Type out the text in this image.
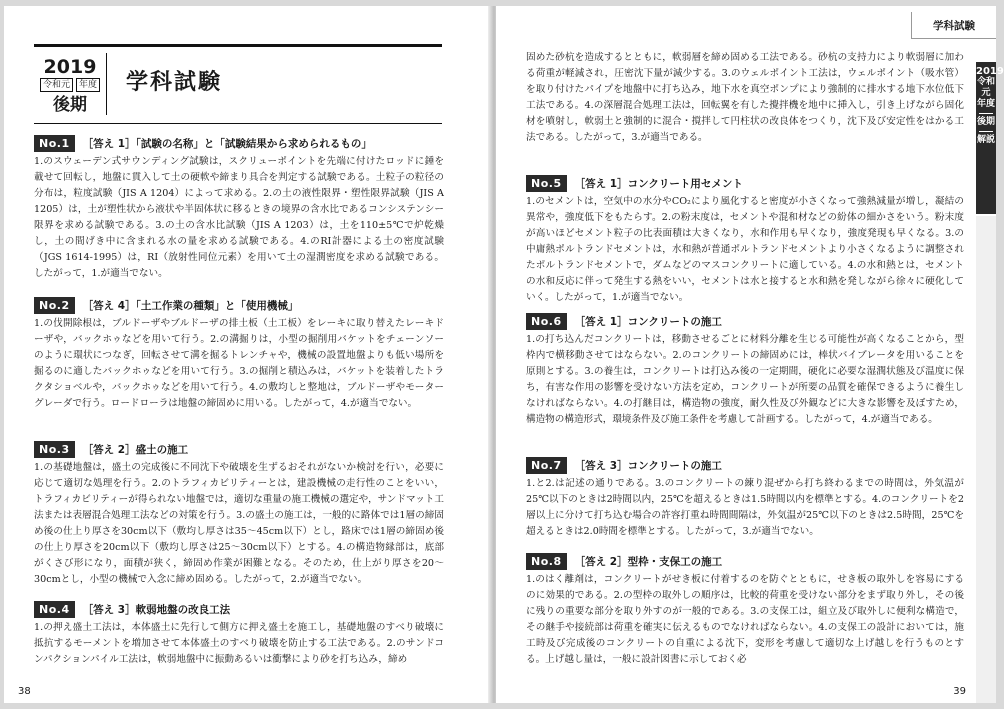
2019
令和元 年度
後期
学科試験
No.1	［答え 1］「試験の名称」と「試験結果から求められるもの」

1.のスウェーデン式サウンディング試験は，スクリューポイントを先端に付けたロッドに錘を載せて回転し，地盤に貫入して土の硬軟や締まり具合を判定する試験である。土粒子の粒径の分布は，粒度試験（JIS A 1204）によって求める。2.の土の液性限界・塑性限界試験（JIS A 1205）は，土が塑性状から液状や半固体状に移るときの境界の含水比であるコンシステンシー限界を求める試験である。3.の土の含水比試験（JIS A 1203）は，土を110±5℃で炉乾燥し，土の間げき中に含まれる水の量を求める試験である。4.のRI計器による土の密度試験（JGS 1614-1995）は，RI（放射性同位元素）を用いて土の湿潤密度を求める試験である。したがって，1.が適当でない。

No.2	［答え 4］「土工作業の種類」と「使用機械」

1.の伐開除根は，ブルドーザやブルドーザの排土板（土工板）をレーキに取り替えたレーキドーザや，バックホゥなどを用いて行う。2.の溝掘りは，小型の掘削用バケットをチェーンソーのように環状につなぎ，回転させて溝を掘るトレンチャや，機械の設置地盤よりも低い場所を掘るのに適したバックホゥなどを用いて行う。3.の掘削と積込みは，バケットを装着したトラクタショベルや，バックホゥなどを用いて行う。4.の敷均しと整地は，ブルドーザやモーターグレーダで行う。ロードローラは地盤の締固めに用いる。したがって，4.が適当でない。

No.3	［答え 2］盛土の施工

1.の基礎地盤は，盛土の完成後に不同沈下や破壊を生ずるおそれがないか検討を行い，必要に応じて適切な処理を行う。2.のトラフィカビリティーとは，建設機械の走行性のことをいい，トラフィカビリティーが得られない地盤では，適切な重量の施工機械の選定や，サンドマット工法または表層混合処理工法などの対策を行う。3.の盛土の施工は，一般的に路体では1層の締固め後の仕上り厚さを30cm以下（敷均し厚さは35～45cm以下）とし，路床では1層の締固め後の仕上り厚さを20cm以下（敷均し厚さは25～30cm以下）とする。4.の構造物縁部は，底部がくさび形になり，面積が狭く，締固め作業が困難となる。そのため，仕上がり厚さを20～30cmとし，小型の機械で入念に締め固める。したがって，2.が適当でない。

No.4	［答え 3］軟弱地盤の改良工法

1.の押え盛土工法は，本体盛土に先行して側方に押え盛土を施工し，基礎地盤のすべり破壊に抵抗するモーメントを増加させて本体盛土のすべり破壊を防止する工法である。2.のサンドコンパクションパイル工法は，軟弱地盤中に振動あるいは衝撃により砂を打ち込み，締め

38
学科試験
2019
令和元
年度
後期
解説

固めた砂杭を造成するとともに，軟弱層を締め固める工法である。砂杭の支持力により軟弱層に加わる荷重が軽減され，圧密沈下量が減少する。3.のウェルポイント工法は，ウェルポイント（吸水管）を取り付けたパイプを地盤中に打ち込み，地下水を真空ポンプにより強制的に排水する地下水位低下工法である。4.の深層混合処理工法は，回転翼を有した攪拌機を地中に挿入し，引き上げながら固化材を噴射し，軟弱土と強制的に混合・撹拌して円柱状の改良体をつくり，沈下及び安定性をはかる工法である。したがって，3.が適当である。

No.5	［答え 1］コンクリート用セメント

1.のセメントは，空気中の水分やCO₂により風化すると密度が小さくなって強熱減量が増し，凝結の異常や，強度低下をもたらす。2.の粉末度は，セメントや混和材などの紛体の細かさをいう。粉末度が高いほどセメント粒子の比表面積は大きくなり，水和作用も早くなり，強度発現も早くなる。3.の中庸熱ポルトランドセメントは，水和熱が普通ポルトランドセメントより小さくなるように調整されたポルトランドセメントで，ダムなどのマスコンクリートに適している。4.の水和熱とは，セメントの水和反応に伴って発生する熱をいい，セメントは水と接すると水和熱を発しながら徐々に硬化していく。したがって，1.が適当でない。

No.6	［答え 1］コンクリートの施工

1.の打ち込んだコンクリートは，移動させるごとに材料分離を生じる可能性が高くなることから，型枠内で横移動させてはならない。2.のコンクリートの締固めには，棒状バイブレータを用いることを原則とする。3.の養生は，コンクリートは打込み後の一定期間，硬化に必要な湿潤状態及び温度に保ち，有害な作用の影響を受けない方法を定め，コンクリートが所要の品質を確保できるように養生しなければならない。4.の打継目は，構造物の強度，耐久性及び外観などに大きな影響を及ぼすため，構造物の構造形式，環境条件及び施工条件を考慮して計画する。したがって，4.が適当である。

No.7	［答え 3］コンクリートの施工

1.と2.は記述の通りである。3.のコンクリートの練り混ぜから打ち終わるまでの時間は，外気温が25℃以下のときは2時間以内，25℃を超えるときは1.5時間以内を標準とする。4.のコンクリートを2層以上に分けて打ち込む場合の許容打重ね時間間隔は，外気温が25℃以下のときは2.5時間，25℃を超えるときは2.0時間を標準とする。したがって，3.が適当でない。

No.8	［答え 2］型枠・支保工の施工

1.のはく離剤は，コンクリートがせき板に付着するのを防ぐとともに，せき板の取外しを容易にするのに効果的である。2.の型枠の取外しの順序は，比較的荷重を受けない部分をまず取り外し，その後に残りの重要な部分を取り外すのが一般的である。3.の支保工は，組立及び取外しに便利な構造で，その継手や接続部は荷重を確実に伝えるものでなければならない。4.の支保工の設計においては，施工時及び完成後のコンクリートの自重による沈下，変形を考慮して適切な上げ越しを行うものとする。上げ越し量は，一般に設計図書に示しておく必

39
